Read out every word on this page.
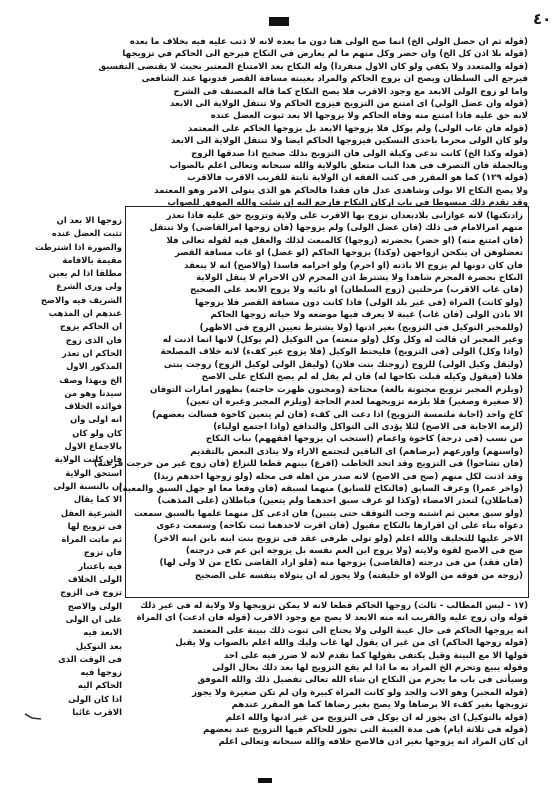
٤٠
(قوله ثم ان حصل الولي الخ) انما صح الولى هنا دون ما بعده لانه لا ذنب عليه فيه بخلاف ما بعده
(قوله بلا اذن كل الخ) وان حضر وكل منهم ما لم يعارض في النكاح فيرجع الى الحاكم في تزويجها
(قوله والمتعدد ولا يكفي ولو كان الاول منفردا) وله النكاح بعد الامتناع المعتبر بحيث لا يقتضى التفسيق
فيرجع الى السلطان ويصح ان يزوج الحاكم والمراد بغيبته مسافة القصر فدونها عند الشافعى
واما لو زوج الولى الابعد مع وجود الاقرب فلا يصح النكاح كما قاله المصنف فى الشرح
(قوله وان عضل الولي) اى امتنع من التزويج فيزوج الحاكم ولا تنتقل الولاية الى الابعد
لانه حق عليه فاذا امتنع منه وفاه الحاكم ولا يزوجها الا بعد ثبوت العضل عنده
(قوله فان غاب الولى) ولم يوكل فلا يزوجها الابعد بل يزوجها الحاكم على المعتمد
ولو كان الولى محرما باحدى النسكين فيزوجها الحاكم ايضا ولا تنتقل الولاية الى الابعد
(قوله وكذا الخ) كانت تدعى وكيلة الولى فان التزويج بذلك صحيح اذا صدقها الزوج
وبالجملة فان التصرف فى هذا الباب متعلق بالولاية والله سبحانه وتعالى اعلم بالصواب
(قوله ١٢٩) كما هو المقرر فى كتب الفقه ان الولاية ثابتة للقريب الاقرب فالاقرب
ولا يصح النكاح الا بولى وشاهدى عدل فان فقدا فالحاكم هو الذى يتولى الامر وهو المعتمد
وقد تقدم ذلك مبسوطا فى باب اركان النكاح فارجع اليه ان شئت والله الموفق للصواب
زادتكتها) لانه عوازانى بلادبعدان نزوج بها الاقرب على ولاية وتزويج حق عليه فاذا تعذر
منهم امرالامام فى ذلك (فان عضل الولى) ولم يزوجها (فان زوجها امرالقاضى) ولا تنتقل
(فان امتنع منه) (او حضر) بحضرته (زوجها) كالمبعث لذلك والعقل فيه لقوله تعالى فلا
تعضلوهن ان ينكحن ازواجهن (وكذا) يزوجها الحاكم (لو عضل) او غاب مسافة القصر
فان كان دونها لم يزوج الا باذنه (او احرم) ولو احرامه فاسدا (والاصح) انه لا ينعقد
النكاح بحضرة المحرم شاهدا ولا يشترط اذن المحرم لان الاحرام لا ينقل الولاية
(فان غاب الاقرب) مرحلتين (زوج السلطان) او نائبه ولا يزوج الابعد على الصحيح
(ولو كانت) المراة (فى غير بلد الولى) فاذا كانت دون مسافة القصر فلا يزوجها
الا باذن الولى (فان غاب) غيبة لا يعرف فيها موضعه ولا حياته زوجها الحاكم
(وللمجبر التوكيل فى التزويج) بغير اذنها (ولا يشترط تعيين الزوج فى الاظهر)
وغير المجبر ان قالت له وكل وكل (ولو منعته) من التوكيل (لم يوكل) لانها انما اذنت له
(واذا وكل) الولى (فى التزويج) فليحتط الوكيل (فلا يزوج غير كفء) لانه خلاف المصلحة
(وليقل وكيل الولى) للزوج (زوجتك بنت فلان) (وليقل الولى لوكيل الزوج) زوجت بنتى
فلانا (فيقول وكيله قبلت نكاحها له) فان لم يقل له لم يصح النكاح على الاصح
(ويلزم المجبر تزويج مجنونة بالغة) محتاجة (ومجنون ظهرت حاجته) بظهور امارات التوقان
(لا صغيرة وصغير) فلا يلزمه تزويجهما لعدم الحاجة (ويلزم المجبر وغيره ان تعين)
كاخ واحد (اجابة ملتمسة التزويج) اذا دعت الى كفء (فان لم يتعين كاخوة فسالت بعضهم)
(لزمه الاجابة فى الاصح) لئلا يؤدى الى التواكل والتدافع (واذا اجتمع اولياء)
من نسب (فى درجة) كاخوة واعمام (استحب ان يزوجها افقههم) بباب النكاح
(واسنهم) واورعهم (برضاهم) اى الباقين لتجتمع الاراء ولا يتاذى البعض بالتقديم
(فان تشاحوا) فى التزويج وقد اتحد الخاطب (اقرع) بينهم قطعا للنزاع (فان زوج غير من خرجت قرعته)
وقد اذنت لكل منهم (صح فى الاصح) لانه صدر من اهله فى محله (ولو زوجها احدهم زيدا)
(واخر عمرا) وعرف السابق (فالنكاح للسابق) منهما لسبقه (فان وقعا معا او جهل السبق والمعية)
(فباطلان) لتعذر الامضاء (وكذا لو عرف سبق احدهما ولم يتعين) فباطلان (على المذهب)
(ولو سبق معين ثم اشتبه وجب التوقف حتى يتبين) فان ادعى كل منهما علمها بالسبق سمعت
دعواه بناء على ان اقرارها بالنكاح مقبول (فان اقرت لاحدهما ثبت نكاحه) وسمعت دعوى
الاخر عليها للتحليف والله اعلم (ولو تولى طرفى عقد فى تزويج بنت ابنه بابن ابنه الاخر)
صح فى الاصح لقوة ولايته (ولا يزوج ابن العم نفسه بل يزوجه ابن عم فى درجته)
(فان فقد) من فى درجته (فالقاضى) يزوجها منه (فلو اراد القاضى نكاح من لا ولى لها)
(زوجه من فوقه من الولاة او خليفته) ولا يجوز له ان يتولاه بنفسه على الصحيح
زوجها الا بعد ان
تثبت العضل عنده
والصورة اذا اشترطت
مقيمة بالاقامة
مطلقا اذا لم يعين
ولى ورى الشرع
الشريف فيه والاصح
عندهم ان المذهب
ان الحاكم يزوج
فان الذى زوج
الحاكم ان تعذر
المذكور الاول
الخ وبهذا وصف
سيدنا وهو من
فوائده الخلاف
انه اولى وان
كان ولو كان
بالاجماع الاول
فان كانت الولاية
استحق الولاية
ان بالنسبة الولى
الا كما يقال
الشرعية العقل
فى تزويج لها
ثم ماتت المراة
فان تزوج
فيه باعتبار
الولى الخلاف
تزوج فى الزوج
الولى والاصح
على ان الولى
الابعد فيه
بعد التوكيل
فى الوقت الذى
زوجها فيه
الحاكم اليه
اذا كان الولى
الاقرب غائبا
(١٧ - ليس المطالب - ثالث) زوجها الحاكم قطعا لانه لا يمكن تزويجها ولا ولاية له فى غير ذلك
قوله وان زوج عليه والقريب انه منه الابعد لا يصح مع وجود الاقرب (قوله فان ادعت) اى المراة
انه يزوجها الحاكم فى حال غيبة الولى ولا يحتاج الى ثبوت ذلك ببينة على المعتمد
(قوله زوجها الحاكم) اى من غير ان يقول لها غاب وليك والله اعلم بالصواب ولا يقبل
قولها الا مع البينة وقيل يكتفى بقولها كما تقدم لانه لا ضرر فيه على احد
وقوله يبيع وتحرم الخ المراد به ما اذا لم يقع التزويج لها بعد ذلك بحال الولى
وسيأتى فى باب ما يحرم من النكاح ان شاء الله تعالى تفصيل ذلك والله الموفق
(قوله المجبر) وهو الاب والجد ولو كانت المراة كبيرة وان لم تكن صغيرة ولا يجوز
تزويجها بغير كفء الا برضاها ولا يصح بغير رضاها كما هو المقرر عندهم
(قوله بالتوكيل) اى يجوز له ان يوكل فى التزويج من غير اذنها والله اعلم
(قوله فى ثلاثة ايام) هى مدة الغيبة التى تجوز للحاكم فيها التزويج عند بعضهم
ان كان المراد انه يزوجها بغير اذن فالاصح خلافه والله سبحانه وتعالى اعلم
